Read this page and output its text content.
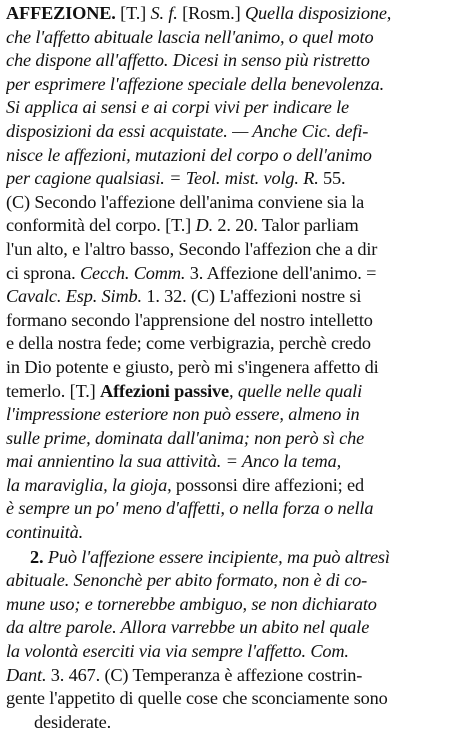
AFFEZIONE. [T.] S. f. [Rosm.] Quella disposizione,
che l'affetto abituale lascia nell'animo, o quel moto
che dispone all'affetto. Dicesi in senso più ristretto
per esprimere l'affezione speciale della benevolenza.
Si applica ai sensi e ai corpi vivi per indicare le
disposizioni da essi acquistate. — Anche Cic. defi-
nisce le affezioni, mutazioni del corpo o dell'animo
per cagione qualsiasi. = Teol. mist. volg. R. 55.
(C) Secondo l'affezione dell'anima conviene sia la
conformità del corpo. [T.] D. 2. 20. Talor parliam
l'un alto, e l'altro basso, Secondo l'affezion che a dir
ci sprona. Cecch. Comm. 3. Affezione dell'animo. =
Cavalc. Esp. Simb. 1. 32. (C) L'affezioni nostre si
formano secondo l'apprensione del nostro intelletto
e della nostra fede; come verbigrazia, perchè credo
in Dio potente e giusto, però mi s'ingenera affetto di
temerlo. [T.] Affezioni passive, quelle nelle quali
l'impressione esteriore non può essere, almeno in
sulle prime, dominata dall'anima; non però sì che
mai annientino la sua attività. = Anco la tema,
la maraviglia, la gioja, possonsi dire affezioni; ed
è sempre un po' meno d'affetti, o nella forza o nella
continuità.
2. Può l'affezione essere incipiente, ma può altresì
abituale. Senonchè per abito formato, non è di co-
mune uso; e tornerebbe ambiguo, se non dichiarato
da altre parole. Allora varrebbe un abito nel quale
la volontà eserciti via via sempre l'affetto. Com.
Dant. 3. 467. (C) Temperanza è affezione costrin-
gente l'appetito di quelle cose che sconciamente sono
desiderate.
